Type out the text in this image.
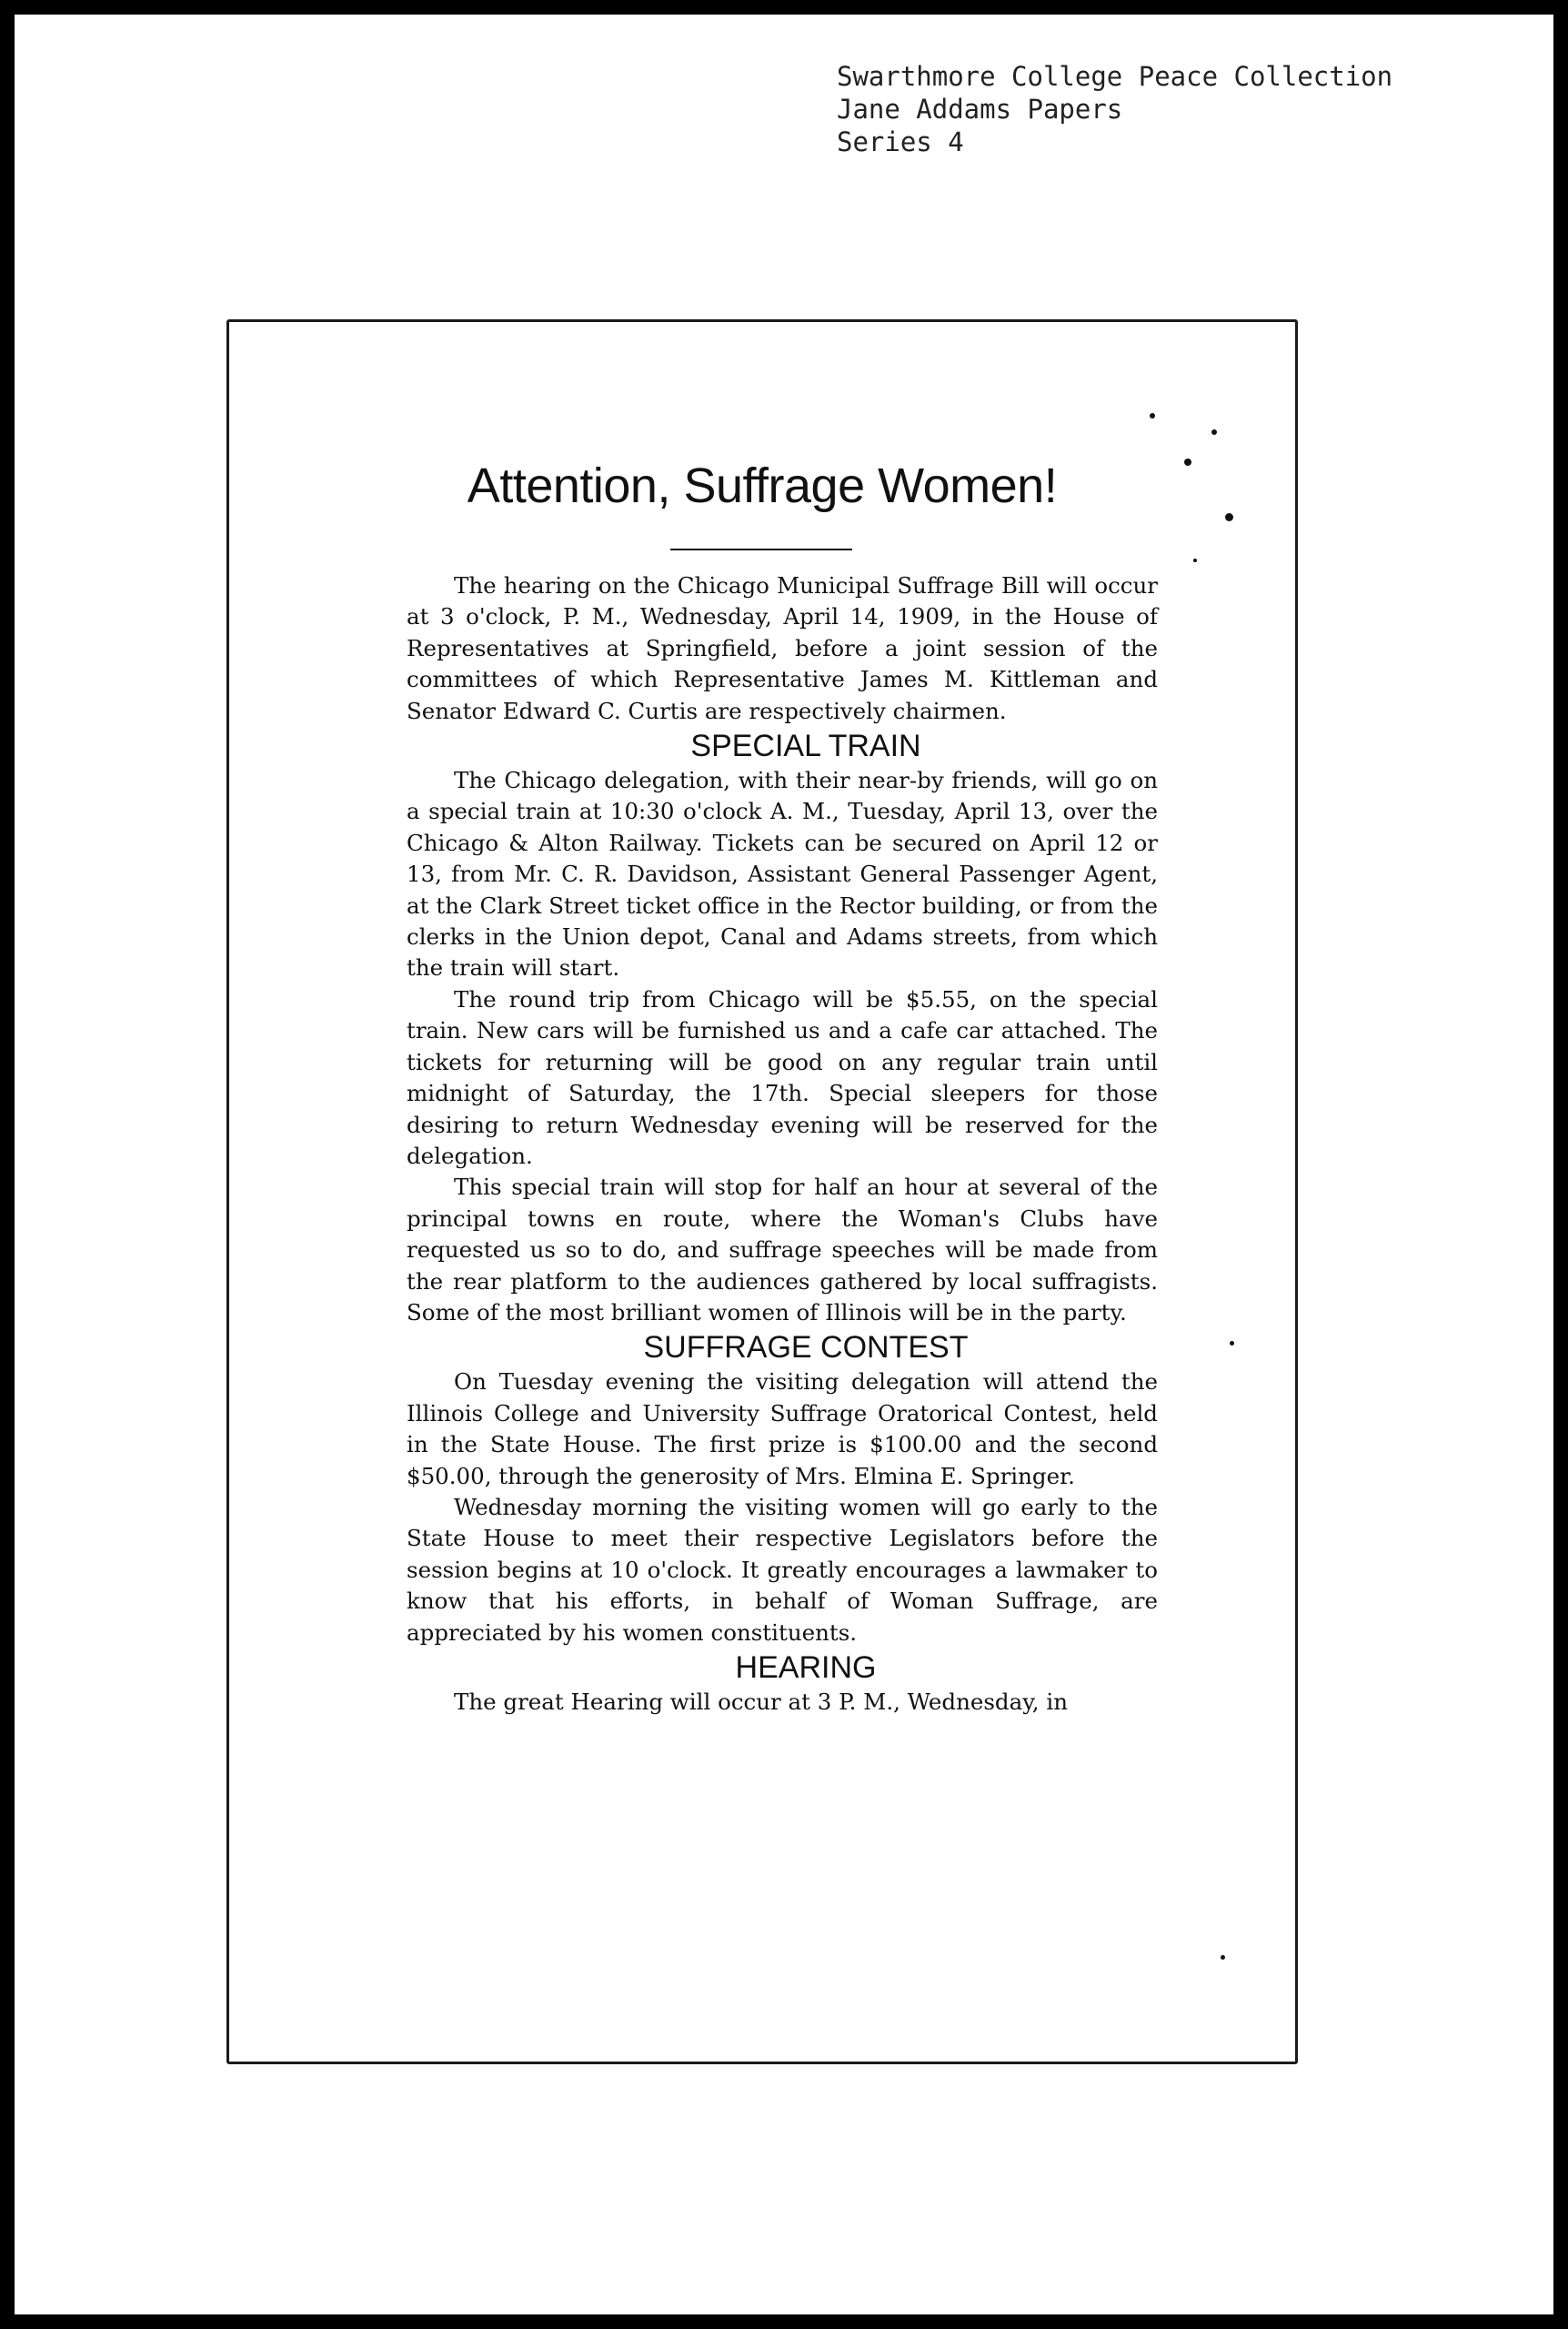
Swarthmore College Peace Collection
Jane Addams Papers
Series 4
Attention, Suffrage Women!

The hearing on the Chicago Municipal Suffrage Bill will occur at 3 o'clock, P. M., Wednesday, April 14, 1909, in the House of Representatives at Springfield, before a joint session of the committees of which Representative James M. Kittleman and Senator Edward C. Curtis are respectively chairmen.

SPECIAL TRAIN

The Chicago delegation, with their near-by friends, will go on a special train at 10:30 o'clock A. M., Tuesday, April 13, over the Chicago & Alton Railway. Tickets can be secured on April 12 or 13, from Mr. C. R. Davidson, Assistant General Passenger Agent, at the Clark Street ticket office in the Rector building, or from the clerks in the Union depot, Canal and Adams streets, from which the train will start.

The round trip from Chicago will be $5.55, on the special train. New cars will be furnished us and a cafe car attached. The tickets for returning will be good on any regular train until midnight of Saturday, the 17th. Special sleepers for those desiring to return Wednesday evening will be reserved for the delegation.

This special train will stop for half an hour at several of the principal towns en route, where the Woman's Clubs have requested us so to do, and suffrage speeches will be made from the rear platform to the audiences gathered by local suffragists. Some of the most brilliant women of Illinois will be in the party.

SUFFRAGE CONTEST

On Tuesday evening the visiting delegation will attend the Illinois College and University Suffrage Oratorical Contest, held in the State House. The first prize is $100.00 and the second $50.00, through the generosity of Mrs. Elmina E. Springer.

Wednesday morning the visiting women will go early to the State House to meet their respective Legislators before the session begins at 10 o'clock. It greatly encourages a lawmaker to know that his efforts, in behalf of Woman Suffrage, are appreciated by his women constituents.

HEARING

The great Hearing will occur at 3 P. M., Wednesday, in
